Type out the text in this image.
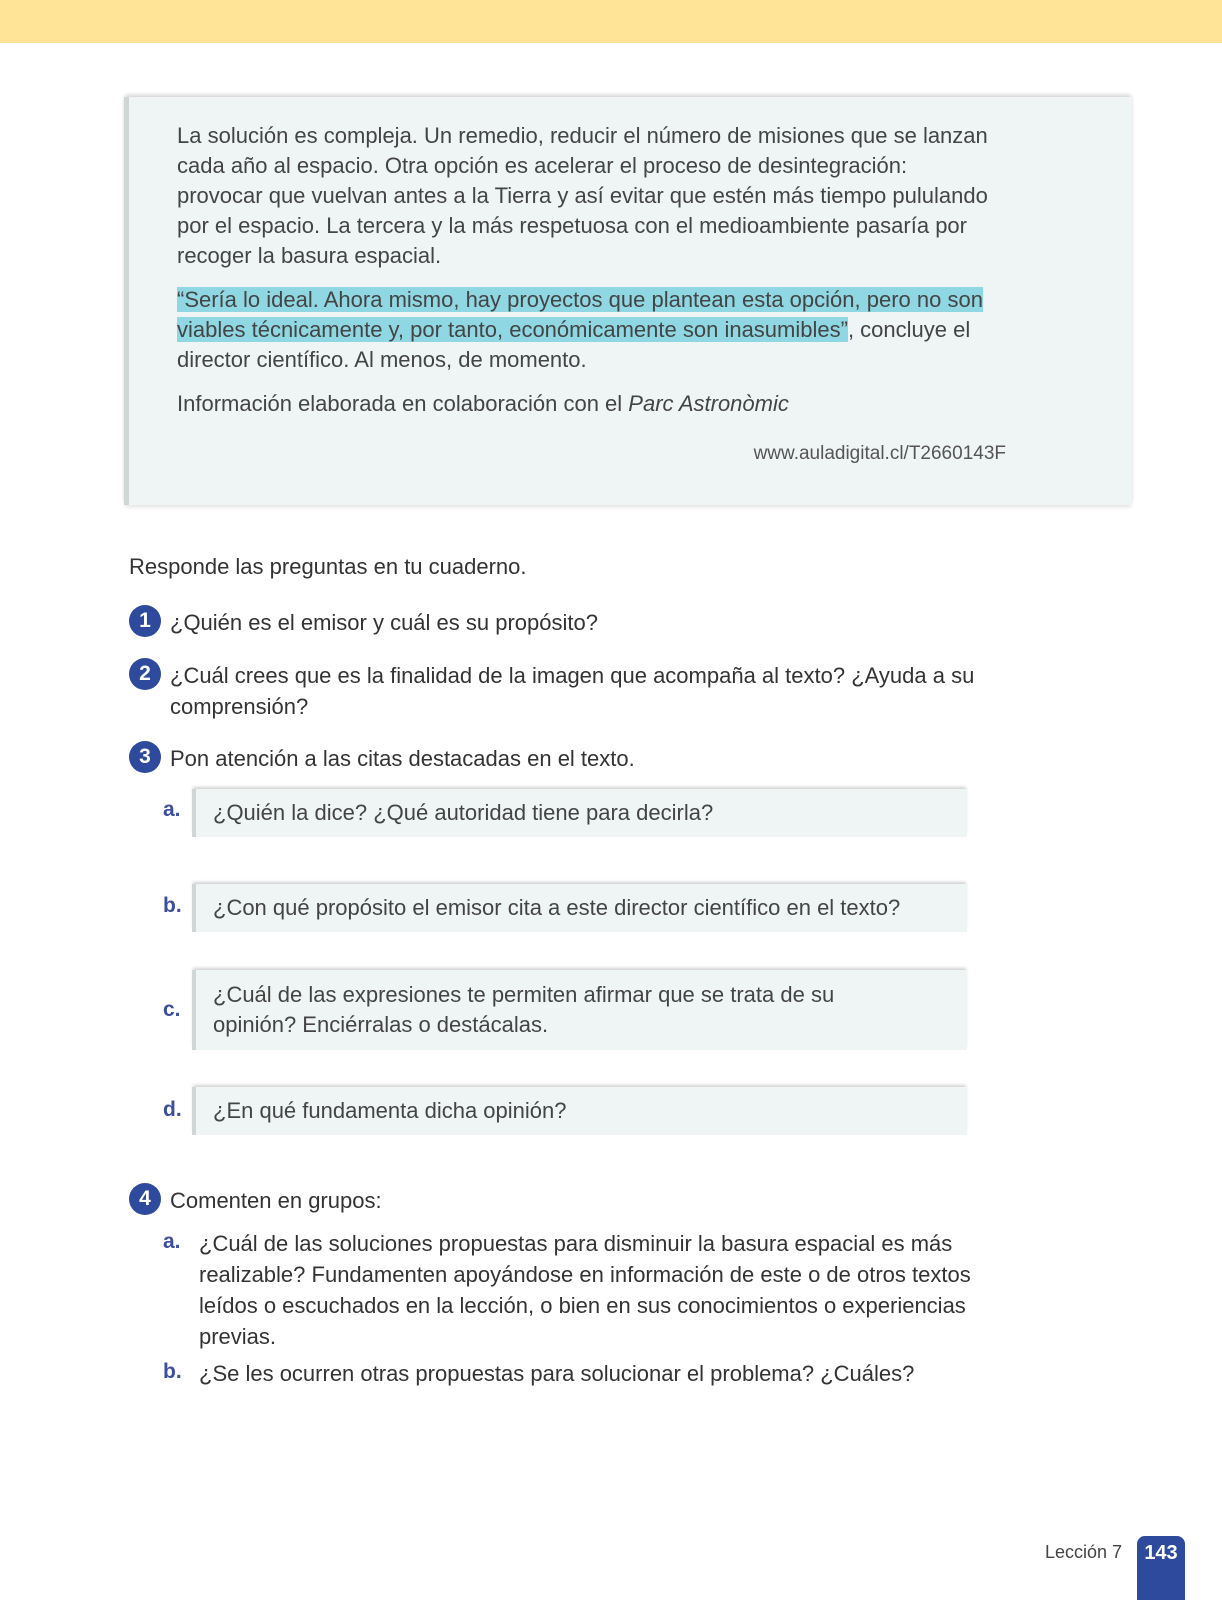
La solución es compleja. Un remedio, reducir el número de misiones que se lanzan cada año al espacio. Otra opción es acelerar el proceso de desintegración: provocar que vuelvan antes a la Tierra y así evitar que estén más tiempo pululando por el espacio. La tercera y la más respetuosa con el medioambiente pasaría por recoger la basura espacial.

“Sería lo ideal. Ahora mismo, hay proyectos que plantean esta opción, pero no son viables técnicamente y, por tanto, económicamente son inasumibles”, concluye el director científico. Al menos, de momento.

Información elaborada en colaboración con el Parc Astronòmic

www.auladigital.cl/T2660143F
Responde las preguntas en tu cuaderno.
1 ¿Quién es el emisor y cuál es su propósito?
2 ¿Cuál crees que es la finalidad de la imagen que acompaña al texto? ¿Ayuda a su comprensión?
3 Pon atención a las citas destacadas en el texto.
a. ¿Quién la dice? ¿Qué autoridad tiene para decirla?
b. ¿Con qué propósito el emisor cita a este director científico en el texto?
c.
¿Cuál de las expresiones te permiten afirmar que se trata de su opinión? Enciérralas o destácalas.
d. ¿En qué fundamenta dicha opinión?
4 Comenten en grupos:
a. ¿Cuál de las soluciones propuestas para disminuir la basura espacial es más realizable? Fundamenten apoyándose en información de este o de otros textos leídos o escuchados en la lección, o bien en sus conocimientos o experiencias previas.
b. ¿Se les ocurren otras propuestas para solucionar el problema? ¿Cuáles?
Lección 7	143
